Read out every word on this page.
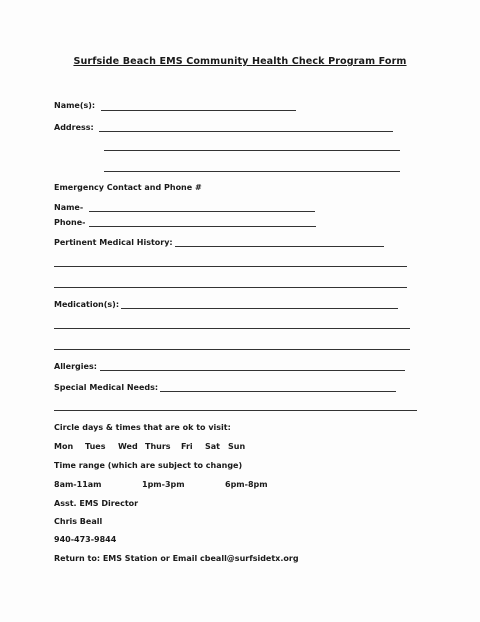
Surfside Beach EMS Community Health Check Program Form
Name(s):
Address:
Emergency Contact and Phone #
Name-
Phone-
Pertinent Medical History:
Medication(s):
Allergies:
Special Medical Needs:
Circle days & times that are ok to visit:
Mon Tues Wed Thurs Fri Sat Sun
Time range (which are subject to change)
8am-11am	1pm-3pm	6pm-8pm
Asst. EMS Director
Chris Beall
940-473-9844
Return to: EMS Station or Email cbeall@surfsidetx.org
